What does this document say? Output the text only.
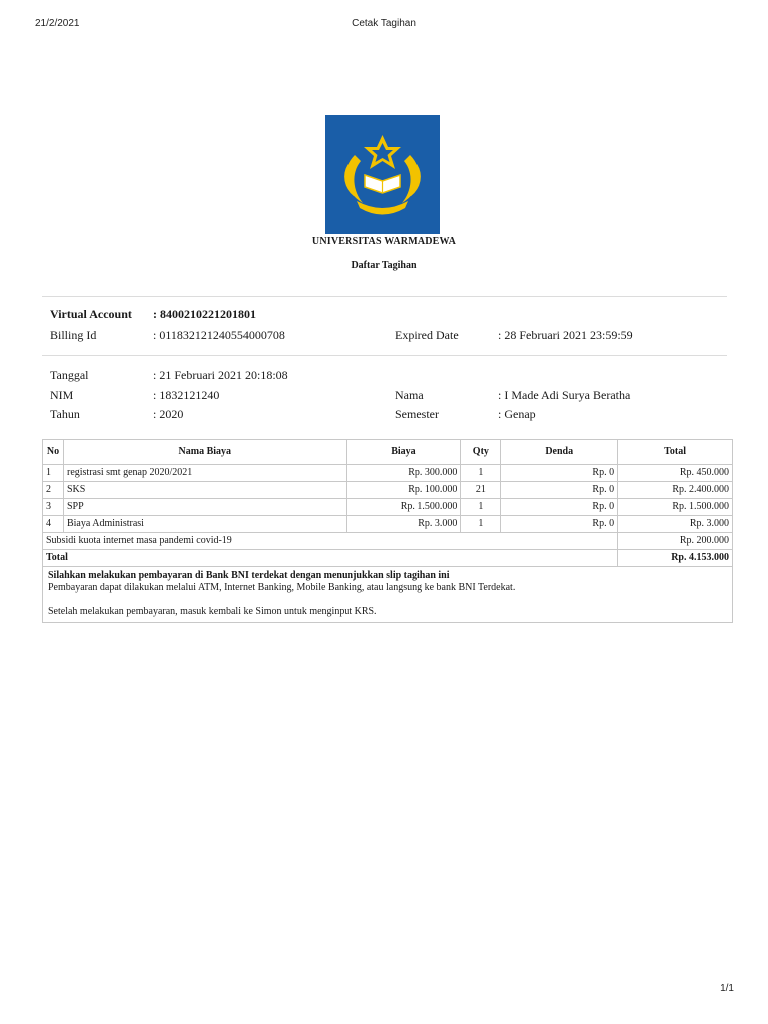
21/2/2021	Cetak Tagihan
UNIVERSITAS WARMADEWA
Daftar Tagihan
Virtual Account : 8400210221201801
Billing Id	: 01183212124055400070​8	Expired Date	: 28 Februari 2021 23:59:59
Tanggal	: 21 Februari 2021 20:18:08
NIM	: 1832121240	Nama	: I Made Adi Surya Beratha
Tahun	: 2020	Semester	: Genap
No	Nama Biaya	Biaya	Qty	Denda	Total
1	registrasi smt genap 2020/2021	Rp. 300.000	1	Rp. 0	Rp. 450.000
2	SKS	Rp. 100.000	21	Rp. 0	Rp. 2.400.000
3	SPP	Rp. 1.500.000	1	Rp. 0	Rp. 1.500.000
4	Biaya Administrasi	Rp. 3.000	1	Rp. 0	Rp. 3.000
Subsidi kuota internet masa pandemi covid-19					Rp. 200.000
Total					Rp. 4.153.000

Silahkan melakukan pembayaran di Bank BNI terdekat dengan menunjukkan slip tagihan ini
Pembayaran dapat dilakukan melalui ATM, Internet Banking, Mobile Banking, atau langsung ke bank BNI Terdekat.
Setelah melakukan pembayaran, masuk kembali ke Simon untuk menginput KRS.					
1/1
